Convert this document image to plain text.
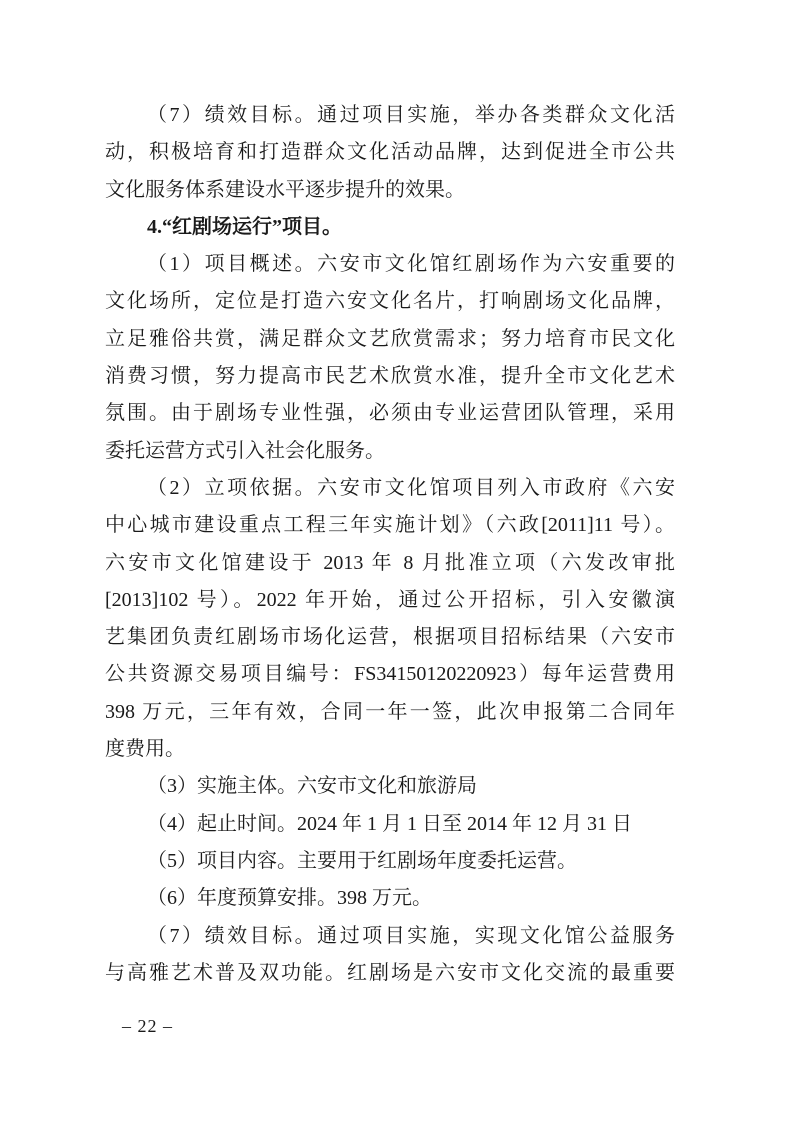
（7）绩效目标。通过项目实施，举办各类群众文化活
动，积极培育和打造群众文化活动品牌，达到促进全市公共
文化服务体系建设水平逐步提升的效果。
4.“红剧场运行”项目。
（1）项目概述。六安市文化馆红剧场作为六安重要的
文化场所，定位是打造六安文化名片，打响剧场文化品牌，
立足雅俗共赏，满足群众文艺欣赏需求；努力培育市民文化
消费习惯，努力提高市民艺术欣赏水准，提升全市文化艺术
氛围。由于剧场专业性强，必须由专业运营团队管理，采用
委托运营方式引入社会化服务。
（2）立项依据。六安市文化馆项目列入市政府《六安
中心城市建设重点工程三年实施计划》（六政[2011]11 号）。
六安市文化馆建设于 2013 年 8 月批准立项（六发改审批
[2013]102 号）。2022 年开始，通过公开招标，引入安徽演
艺集团负责红剧场市场化运营，根据项目招标结果（六安市
公共资源交易项目编号：FS34150120220923）每年运营费用
398 万元，三年有效，合同一年一签，此次申报第二合同年
度费用。
（3）实施主体。六安市文化和旅游局
（4）起止时间。2024 年 1 月 1 日至 2014 年 12 月 31 日
（5）项目内容。主要用于红剧场年度委托运营。
（6）年度预算安排。398 万元。
（7）绩效目标。通过项目实施，实现文化馆公益服务
与高雅艺术普及双功能。红剧场是六安市文化交流的最重要
– 22 –
